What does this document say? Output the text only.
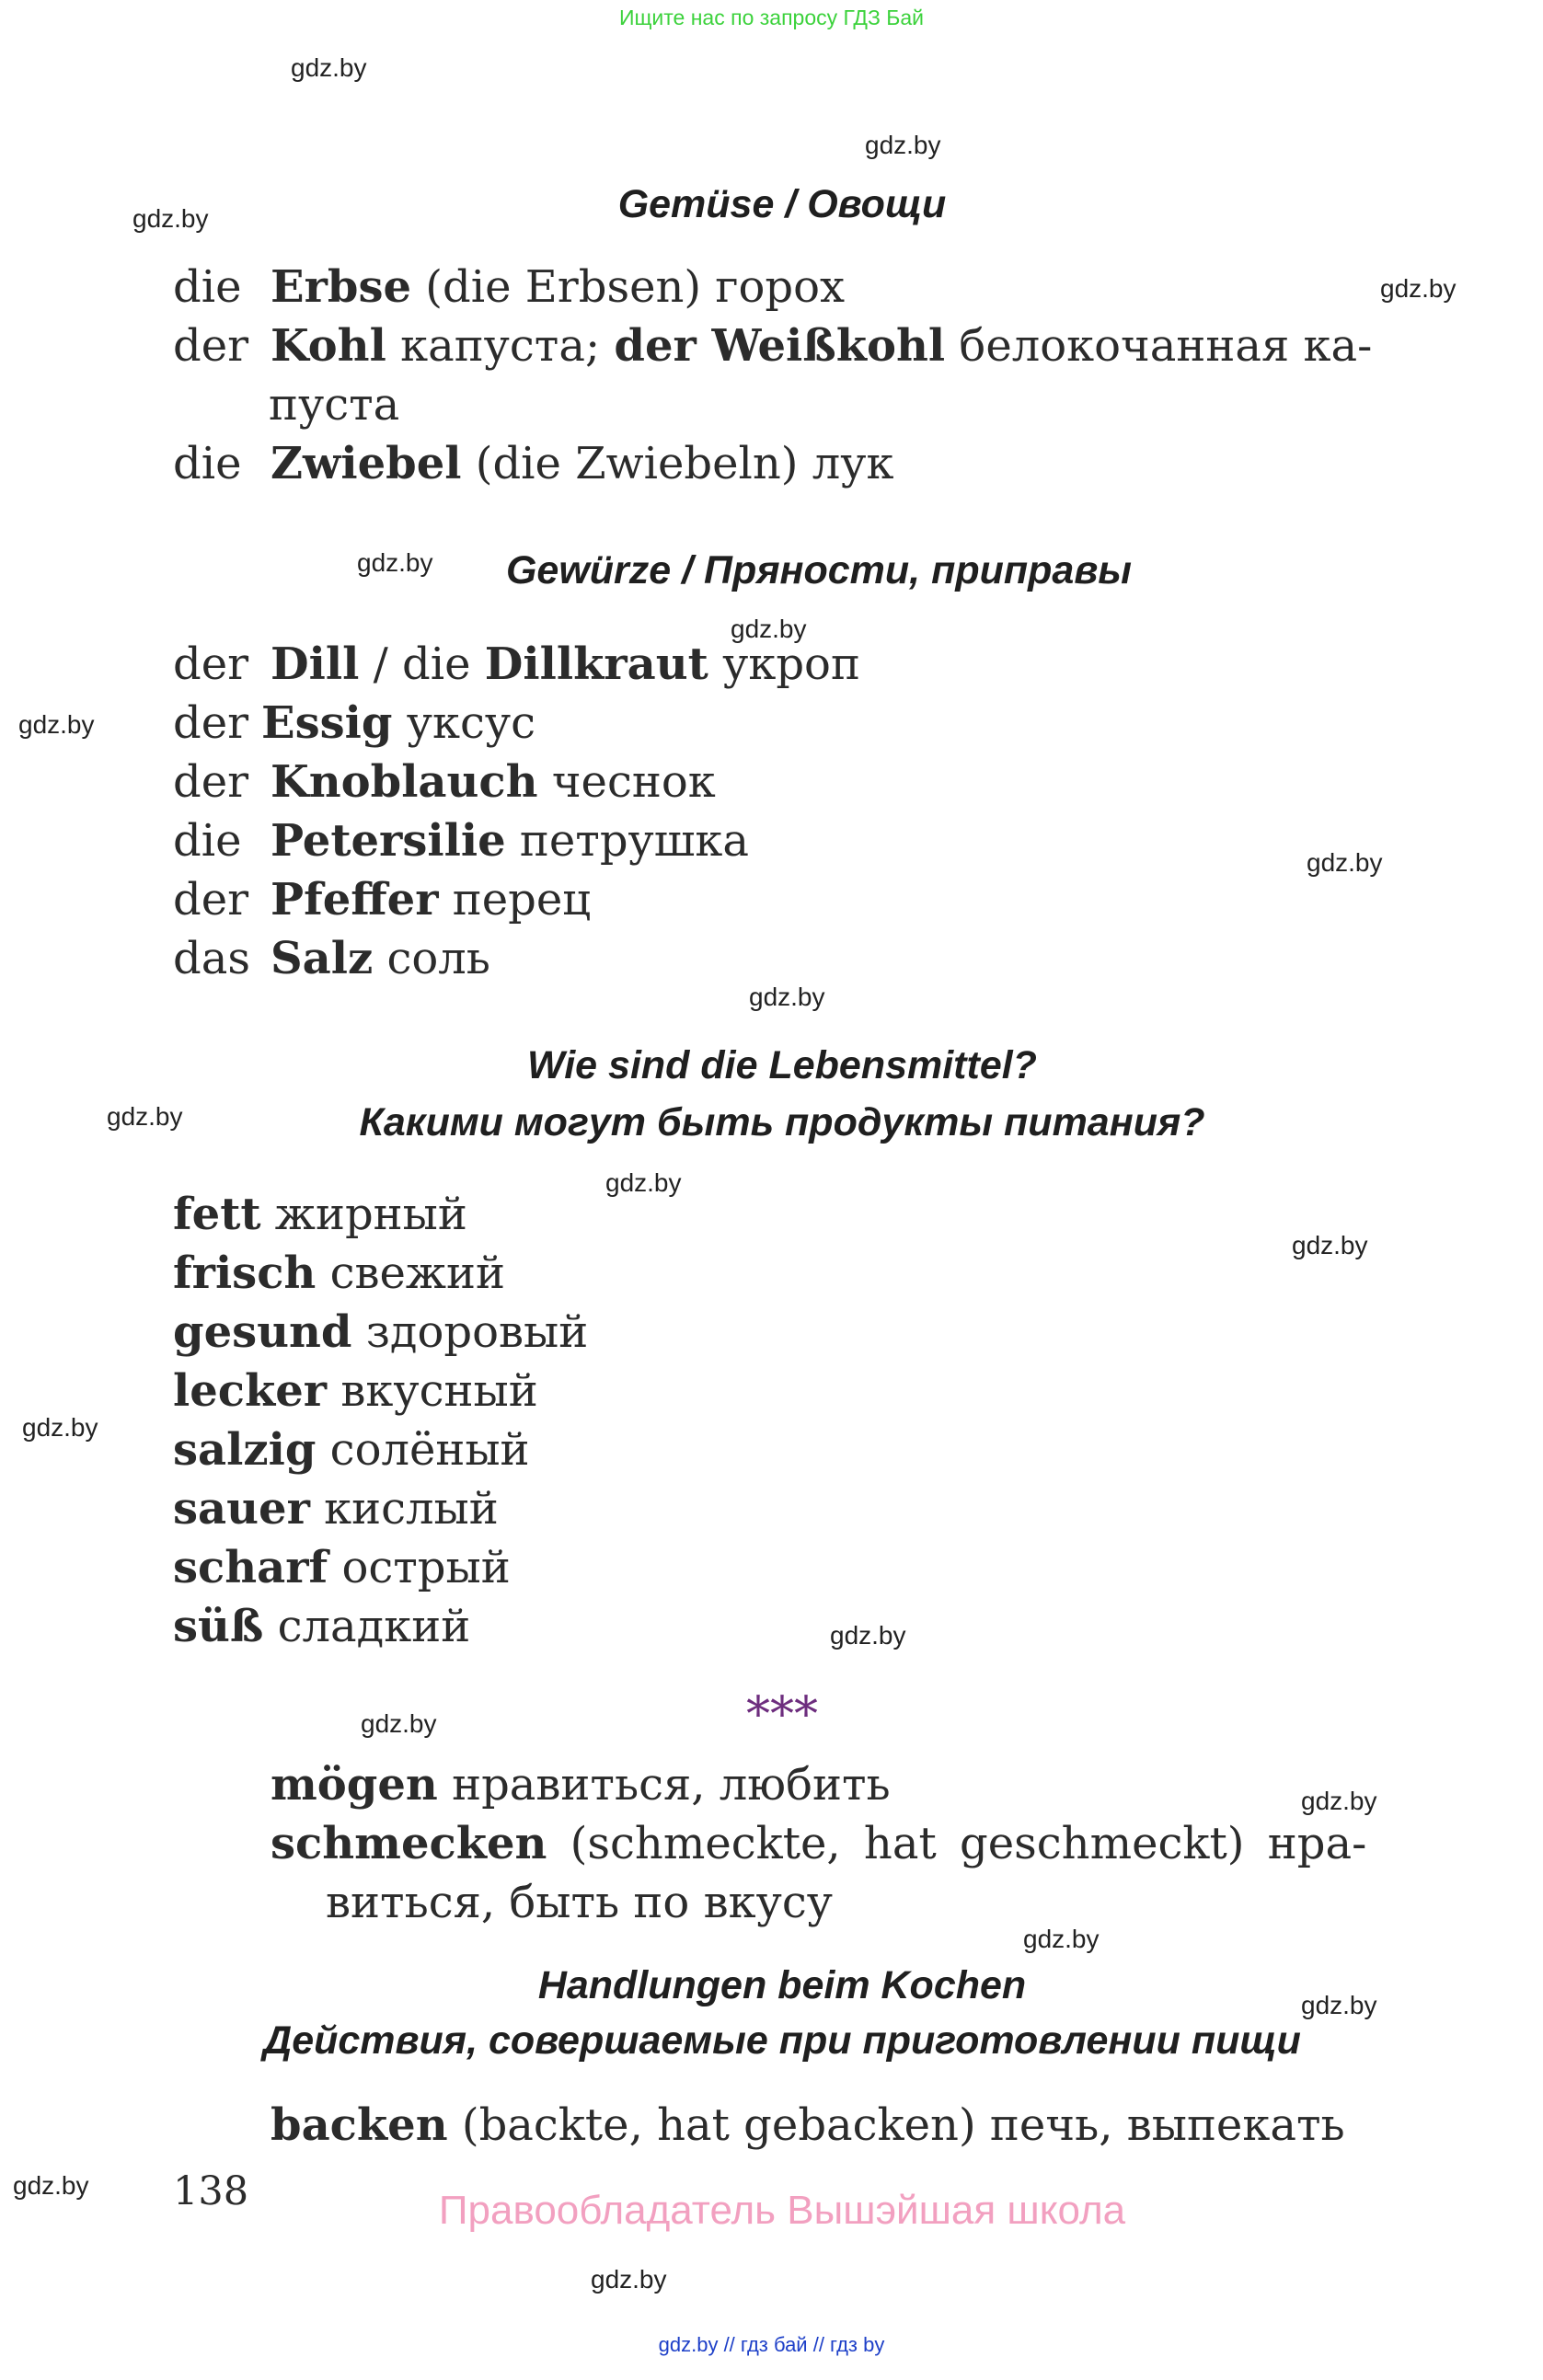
Ищите нас по запросу ГДЗ Бай
gdz.by
gdz.by
gdz.by
gdz.by
gdz.by
gdz.by
gdz.by
gdz.by
gdz.by
gdz.by
gdz.by
gdz.by
gdz.by
gdz.by
gdz.by
gdz.by
gdz.by
gdz.by
gdz.by
gdz.by
Gemüse / Овощи
die Erbse (die Erbsen) горох
der Kohl капуста; der Weißkohl белокочанная ка-
пуста
die Zwiebel (die Zwiebeln) лук
Gewürze / Пряности, приправы
der Dill / die Dillkraut укроп
der Essig уксус
der Knoblauch чеснок
die Petersilie петрушка
der Pfeffer перец
das Salz соль
Wie sind die Lebensmittel?
Какими могут быть продукты питания?
fett жирный
frisch свежий
gesund здоровый
lecker вкусный
salzig солёный
sauer кислый
scharf острый
süß сладкий
***
mögen нравиться, любить
schmecken (schmeckte, hat geschmeckt) нра-
виться, быть по вкусу
Handlungen beim Kochen
Действия, совершаемые при приготовлении пищи
backen (backte, hat gebacken) печь, выпекать
138	Правообладатель Вышэйшая школа
gdz.by // гдз бай // гдз by
